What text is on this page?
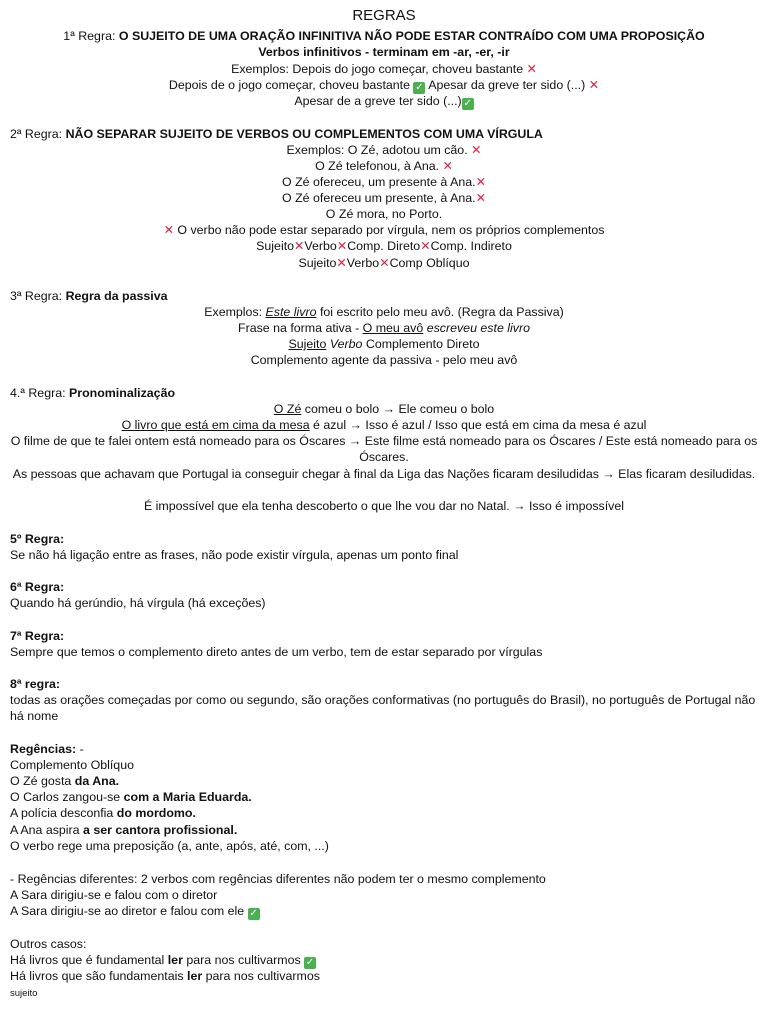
REGRAS
1ª Regra: O SUJEITO DE UMA ORAÇÃO INFINITIVA NÃO PODE ESTAR CONTRAÍDO COM UMA PROPOSIÇÃO
Verbos infinitivos - terminam em -ar, -er, -ir
Exemplos: Depois do jogo começar, choveu bastante ✕
Depois de o jogo começar, choveu bastante ✓ Apesar da greve ter sido (...) ✕
Apesar de a greve ter sido (...) ✓
2ª Regra: NÃO SEPARAR SUJEITO DE VERBOS OU COMPLEMENTOS COM UMA VÍRGULA
Exemplos: O Zé, adotou um cão. ✕
O Zé telefonou, à Ana. ✕
O Zé ofereceu, um presente à Ana.✕
O Zé ofereceu um presente, à Ana.✕
O Zé mora, no Porto.
✕ O verbo não pode estar separado por vírgula, nem os próprios complementos
Sujeito✕Verbo✕Comp. Direto✕Comp. Indireto
Sujeito✕Verbo✕Comp Oblíquo
3ª Regra: Regra da passiva
Exemplos: Este livro foi escrito pelo meu avô. (Regra da Passiva)
Frase na forma ativa - O meu avô escreveu este livro
Sujeito Verbo Complemento Direto
Complemento agente da passiva - pelo meu avô
4.ª Regra: Pronominalização
O Zé comeu o bolo → Ele comeu o bolo
O livro que está em cima da mesa é azul → Isso é azul / Isso que está em cima da mesa é azul
O filme de que te falei ontem está nomeado para os Óscares → Este filme está nomeado para os Óscares / Este está nomeado para os Óscares.
As pessoas que achavam que Portugal ia conseguir chegar à final da Liga das Nações ficaram desiludidas → Elas ficaram desiludidas.
É impossível que ela tenha descoberto o que lhe vou dar no Natal. → Isso é impossível
5º Regra:
Se não há ligação entre as frases, não pode existir vírgula, apenas um ponto final
6ª Regra:
Quando há gerúndio, há vírgula (há exceções)
7ª Regra:
Sempre que temos o complemento direto antes de um verbo, tem de estar separado por vírgulas
8ª regra:
todas as orações começadas por como ou segundo, são orações conformativas (no português do Brasil), no português de Portugal não há nome
Regências: -
Complemento Oblíquo
O Zé gosta da Ana.
O Carlos zangou-se com a Maria Eduarda.
A polícia desconfia do mordomo.
A Ana aspira a ser cantora profissional.
O verbo rege uma preposição (a, ante, após, até, com, ...)
- Regências diferentes: 2 verbos com regências diferentes não podem ter o mesmo complemento
A Sara dirigiu-se e falou com o diretor
A Sara dirigiu-se ao diretor e falou com ele ✓
Outros casos:
Há livros que é fundamental ler para nos cultivarmos ✓
Há livros que são fundamentais ler para nos cultivarmos
sujeito
